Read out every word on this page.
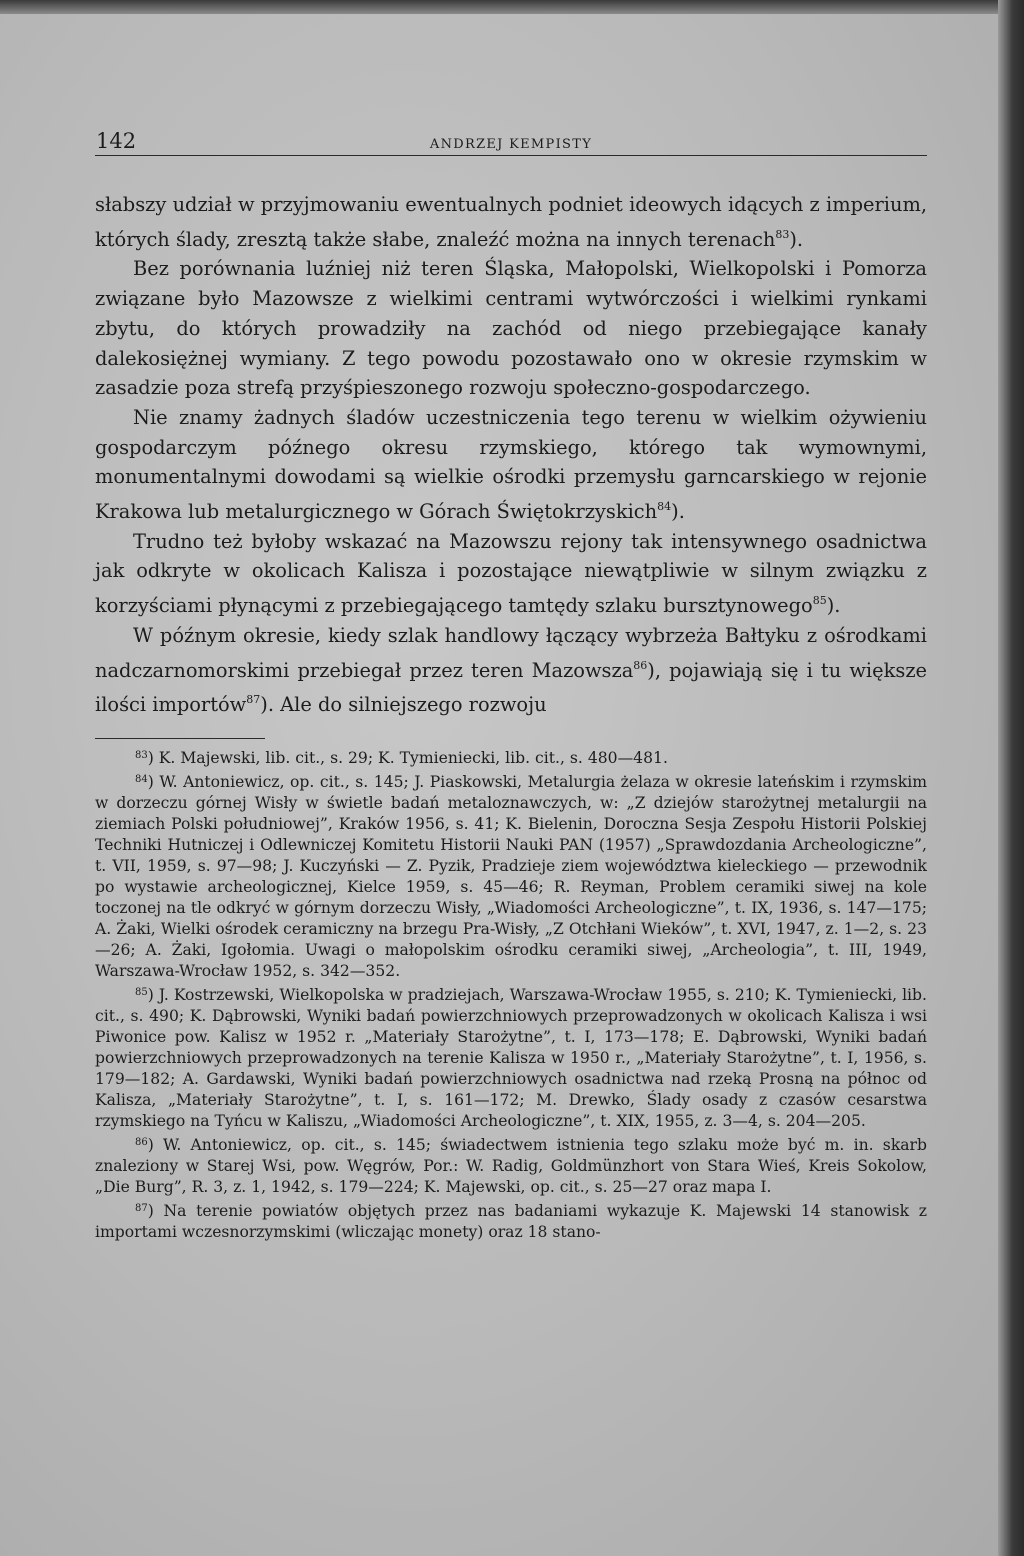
142	ANDRZEJ KEMPISTY

słabszy udział w przyjmowaniu ewentualnych podniet ideowych idących z imperium, których ślady, zresztą także słabe, znaleźć można na innych terenach$^{83}$).

Bez porównania luźniej niż teren Śląska, Małopolski, Wielkopolski i Pomorza związane było Mazowsze z wielkimi centrami wytwórczości i wielkimi rynkami zbytu, do których prowadziły na zachód od niego przebiegające kanały dalekosiężnej wymiany. Z tego powodu pozostawało ono w okresie rzymskim w zasadzie poza strefą przyśpieszonego rozwoju społeczno-gospodarczego.

Nie znamy żadnych śladów uczestniczenia tego terenu w wielkim ożywieniu gospodarczym późnego okresu rzymskiego, którego tak wymownymi, monumentalnymi dowodami są wielkie ośrodki przemysłu garncarskiego w rejonie Krakowa lub metalurgicznego w Górach Świętokrzyskich$^{84}$).

Trudno też byłoby wskazać na Mazowszu rejony tak intensywnego osadnictwa jak odkryte w okolicach Kalisza i pozostające niewątpliwie w silnym związku z korzyściami płynącymi z przebiegającego tamtędy szlaku bursztynowego$^{85}$).

W późnym okresie, kiedy szlak handlowy łączący wybrzeża Bałtyku z ośrodkami nadczarnomorskimi przebiegał przez teren Mazowsza$^{86}$), pojawiają się i tu większe ilości importów$^{87}$). Ale do silniejszego rozwoju

$^{83}$) K. Majewski, lib. cit., s. 29; K. Tymieniecki, lib. cit., s. 480—481.

$^{84}$) W. Antoniewicz, op. cit., s. 145; J. Piaskowski, Metalurgia żelaza w okresie lateńskim i rzymskim w dorzeczu górnej Wisły w świetle badań metaloznawczych, w: „Z dziejów starożytnej metalurgii na ziemiach Polski południowej”, Kraków 1956, s. 41; K. Bielenin, Doroczna Sesja Zespołu Historii Polskiej Techniki Hutniczej i Odlewniczej Komitetu Historii Nauki PAN (1957) „Sprawdozdania Archeologiczne”, t. VII, 1959, s. 97—98; J. Kuczyński — Z. Pyzik, Pradzieje ziem województwa kieleckiego — przewodnik po wystawie archeologicznej, Kielce 1959, s. 45—46; R. Reyman, Problem ceramiki siwej na kole toczonej na tle odkryć w górnym dorzeczu Wisły, „Wiadomości Archeologiczne”, t. IX, 1936, s. 147—175; A. Żaki, Wielki ośrodek ceramiczny na brzegu Pra-Wisły, „Z Otchłani Wieków”, t. XVI, 1947, z. 1—2, s. 23—26; A. Żaki, Igołomia. Uwagi o małopolskim ośrodku ceramiki siwej, „Archeologia”, t. III, 1949, Warszawa-Wrocław 1952, s. 342—352.

$^{85}$) J. Kostrzewski, Wielkopolska w pradziejach, Warszawa-Wrocław 1955, s. 210; K. Tymieniecki, lib. cit., s. 490; K. Dąbrowski, Wyniki badań powierzchniowych przeprowadzonych w okolicach Kalisza i wsi Piwonice pow. Kalisz w 1952 r. „Materiały Starożytne”, t. I, 173—178; E. Dąbrowski, Wyniki badań powierzchniowych przeprowadzonych na terenie Kalisza w 1950 r., „Materiały Starożytne”, t. I, 1956, s. 179—182; A. Gardawski, Wyniki badań powierzchniowych osadnictwa nad rzeką Prosną na północ od Kalisza, „Materiały Starożytne”, t. I, s. 161—172; M. Drewko, Ślady osady z czasów cesarstwa rzymskiego na Tyńcu w Kaliszu, „Wiadomości Archeologiczne”, t. XIX, 1955, z. 3—4, s. 204—205.

$^{86}$) W. Antoniewicz, op. cit., s. 145; świadectwem istnienia tego szlaku może być m. in. skarb znaleziony w Starej Wsi, pow. Węgrów, Por.: W. Radig, Goldmünzhort von Stara Wieś, Kreis Sokolow, „Die Burg”, R. 3, z. 1, 1942, s. 179—224; K. Majewski, op. cit., s. 25—27 oraz mapa I.

$^{87}$) Na terenie powiatów objętych przez nas badaniami wykazuje K. Majewski 14 stanowisk z importami wczesnorzymskimi (wliczając monety) oraz 18 stano-
